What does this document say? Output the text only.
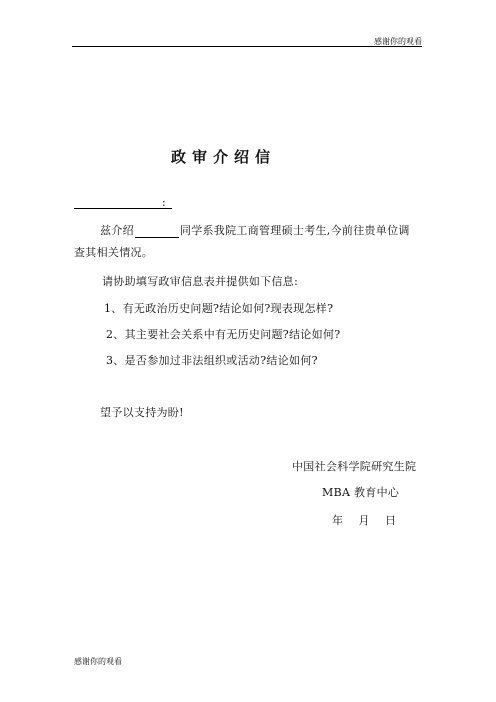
感谢你的观看
政审介绍信
:
兹介绍	同学系我院工商管理硕士考生,今前往贵单位调
查其相关情况。
请协助填写政审信息表并提供如下信息:
1、有无政治历史问题?结论如何?现表现怎样?
2、其主要社会关系中有无历史问题?结论如何?
3、是否参加过非法组织或活动?结论如何?
望予以支持为盼!
中国社会科学院研究生院
MBA 教育中心
年    月    日
感谢你的观看
